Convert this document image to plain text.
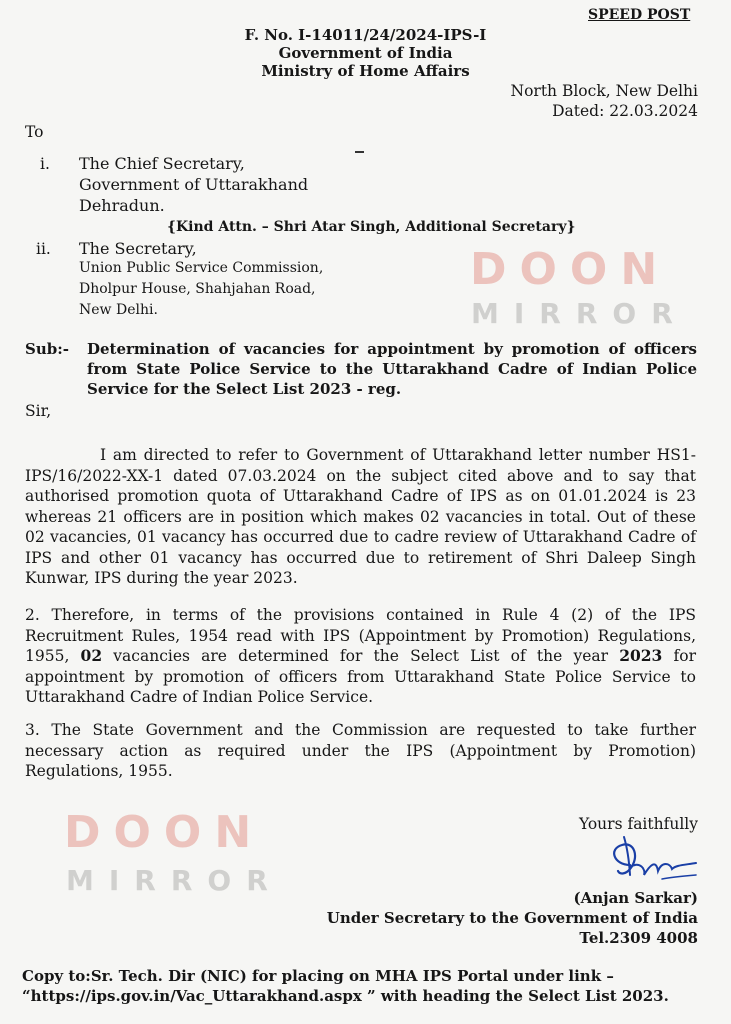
SPEED POST
F. No. I-14011/24/2024-IPS-I
Government of India
Ministry of Home Affairs
North Block, New Delhi
Dated: 22.03.2024
To
i. The Chief Secretary,
Government of Uttarakhand
Dehradun.
{Kind Attn. – Shri Atar Singh, Additional Secretary}
ii. The Secretary,
Union Public Service Commission,
Dholpur House, Shahjahan Road,
New Delhi.
DOON
MIRROR
Sub:- Determination of vacancies for appointment by promotion of officers from State Police Service to the Uttarakhand Cadre of Indian Police Service for the Select List 2023 - reg.
Sir,
I am directed to refer to Government of Uttarakhand letter number HS1-IPS/16/2022-XX-1 dated 07.03.2024 on the subject cited above and to say that authorised promotion quota of Uttarakhand Cadre of IPS as on 01.01.2024 is 23 whereas 21 officers are in position which makes 02 vacancies in total. Out of these 02 vacancies, 01 vacancy has occurred due to cadre review of Uttarakhand Cadre of IPS and other 01 vacancy has occurred due to retirement of Shri Daleep Singh Kunwar, IPS during the year 2023.
2. Therefore, in terms of the provisions contained in Rule 4 (2) of the IPS Recruitment Rules, 1954 read with IPS (Appointment by Promotion) Regulations, 1955, 02 vacancies are determined for the Select List of the year 2023 for appointment by promotion of officers from Uttarakhand State Police Service to Uttarakhand Cadre of Indian Police Service.
3. The State Government and the Commission are requested to take further necessary action as required under the IPS (Appointment by Promotion) Regulations, 1955.
DOON
MIRROR
Yours faithfully
(Anjan Sarkar)
Under Secretary to the Government of India
Tel.2309 4008
Copy to:Sr. Tech. Dir (NIC) for placing on MHA IPS Portal under link –
“https://ips.gov.in/Vac_Uttarakhand.aspx ” with heading the Select List 2023.
